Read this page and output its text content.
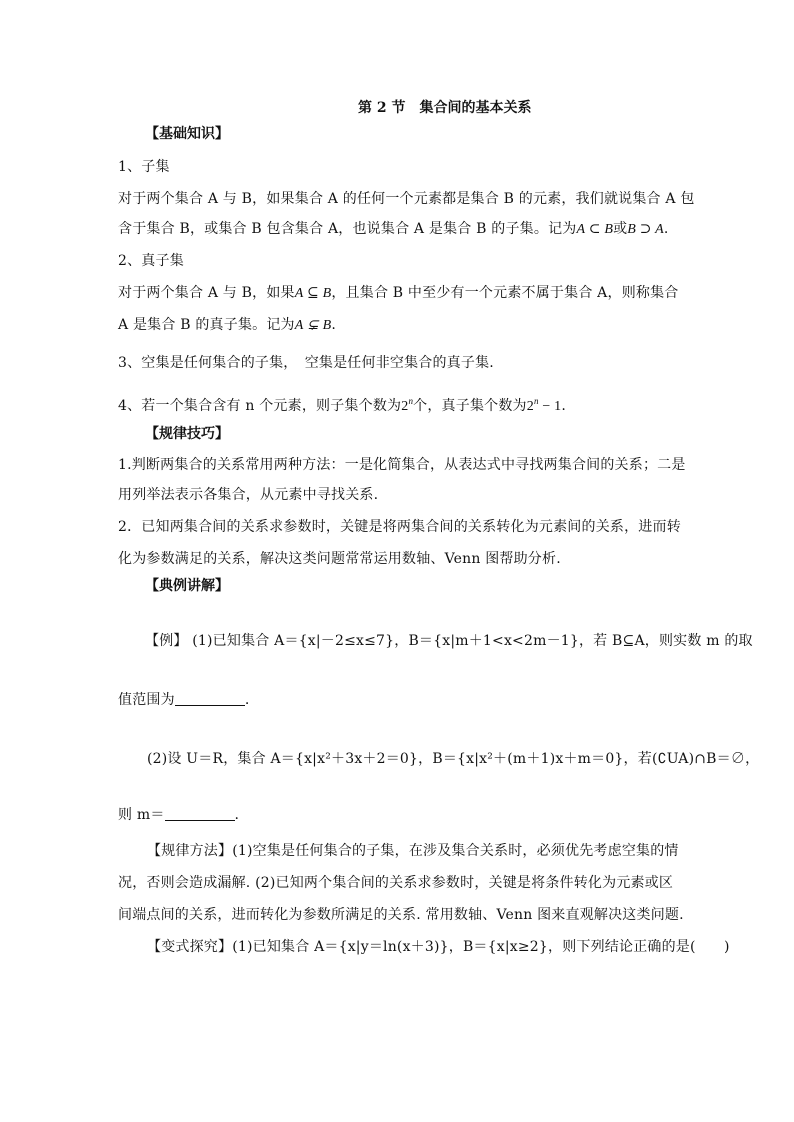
第 2 节　集合间的基本关系
【基础知识】
1、子集
对于两个集合 A 与 B，如果集合 A 的任何一个元素都是集合 B 的元素，我们就说集合 A 包
含于集合 B，或集合 B 包含集合 A，也说集合 A 是集合 B 的子集。记为A ⊂ B或B ⊃ A.
2、真子集
对于两个集合 A 与 B，如果A ⊆ B，且集合 B 中至少有一个元素不属于集合 A，则称集合
A 是集合 B 的真子集。记为A ⊊ B.
3、空集是任何集合的子集，　空集是任何非空集合的真子集.
4、若一个集合含有 n 个元素，则子集个数为2$^n$个，真子集个数为$2^n - 1$.
【规律技巧】
1.判断两集合的关系常用两种方法：一是化简集合，从表达式中寻找两集合间的关系；二是
用列举法表示各集合，从元素中寻找关系.
2．已知两集合间的关系求参数时，关键是将两集合间的关系转化为元素间的关系，进而转
化为参数满足的关系，解决这类问题常常运用数轴、Venn 图帮助分析.
【典例讲解】
【例】 (1)已知集合 A＝{x|－2≤x≤7}，B＝{x|m＋1<x<2m－1}，若 B⊆A，则实数 m 的取
值范围为	.
(2)设 U＝R，集合 A＝{x|x²＋3x＋2＝0}，B＝{x|x²＋(m＋1)x＋m＝0}，若(∁UA)∩B＝∅，
则 m＝	.
【规律方法】(1)空集是任何集合的子集，在涉及集合关系时，必须优先考虑空集的情
况，否则会造成漏解. (2)已知两个集合间的关系求参数时，关键是将条件转化为元素或区
间端点间的关系，进而转化为参数所满足的关系. 常用数轴、Venn 图来直观解决这类问题.
【变式探究】(1)已知集合 A＝{x|y＝ln(x＋3)}，B＝{x|x≥2}，则下列结论正确的是(　　)
